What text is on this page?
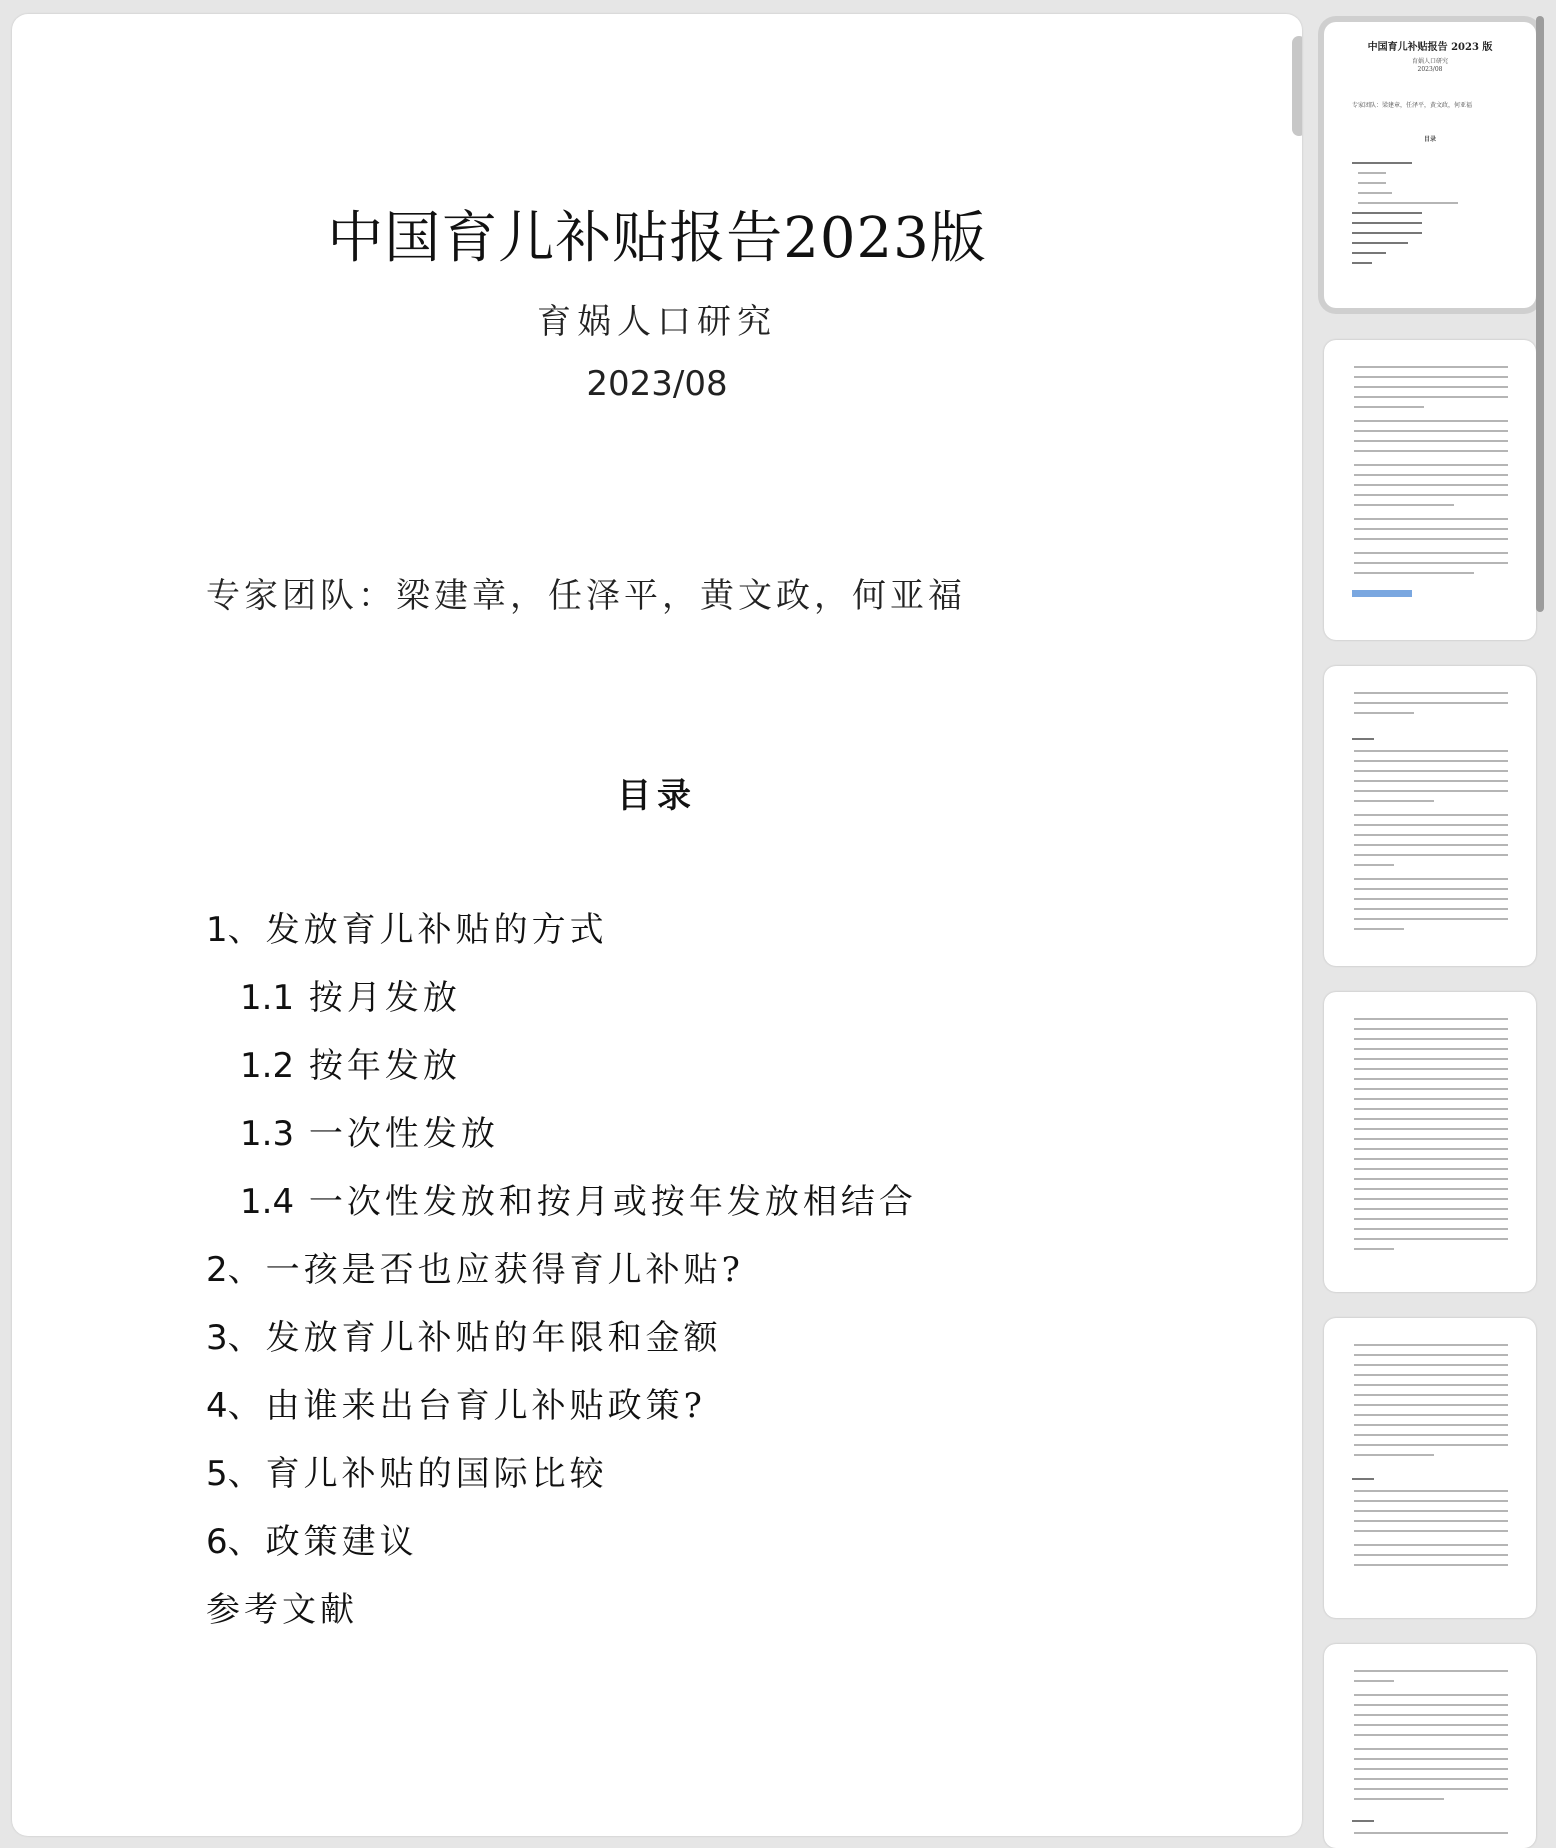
中国育儿补贴报告2023版
育娲人口研究
2023/08
专家团队：梁建章，任泽平，黄文政，何亚福
目录
1、发放育儿补贴的方式
1.1 按月发放
1.2 按年发放
1.3 一次性发放
1.4 一次性发放和按月或按年发放相结合
2、一孩是否也应获得育儿补贴?
3、发放育儿补贴的年限和金额
4、由谁来出台育儿补贴政策?
5、育儿补贴的国际比较
6、政策建议
参考文献
中国育儿补贴报告 2023 版
育娲人口研究
2023/08
专家团队：梁建章，任泽平，黄文政，何亚福
目录
